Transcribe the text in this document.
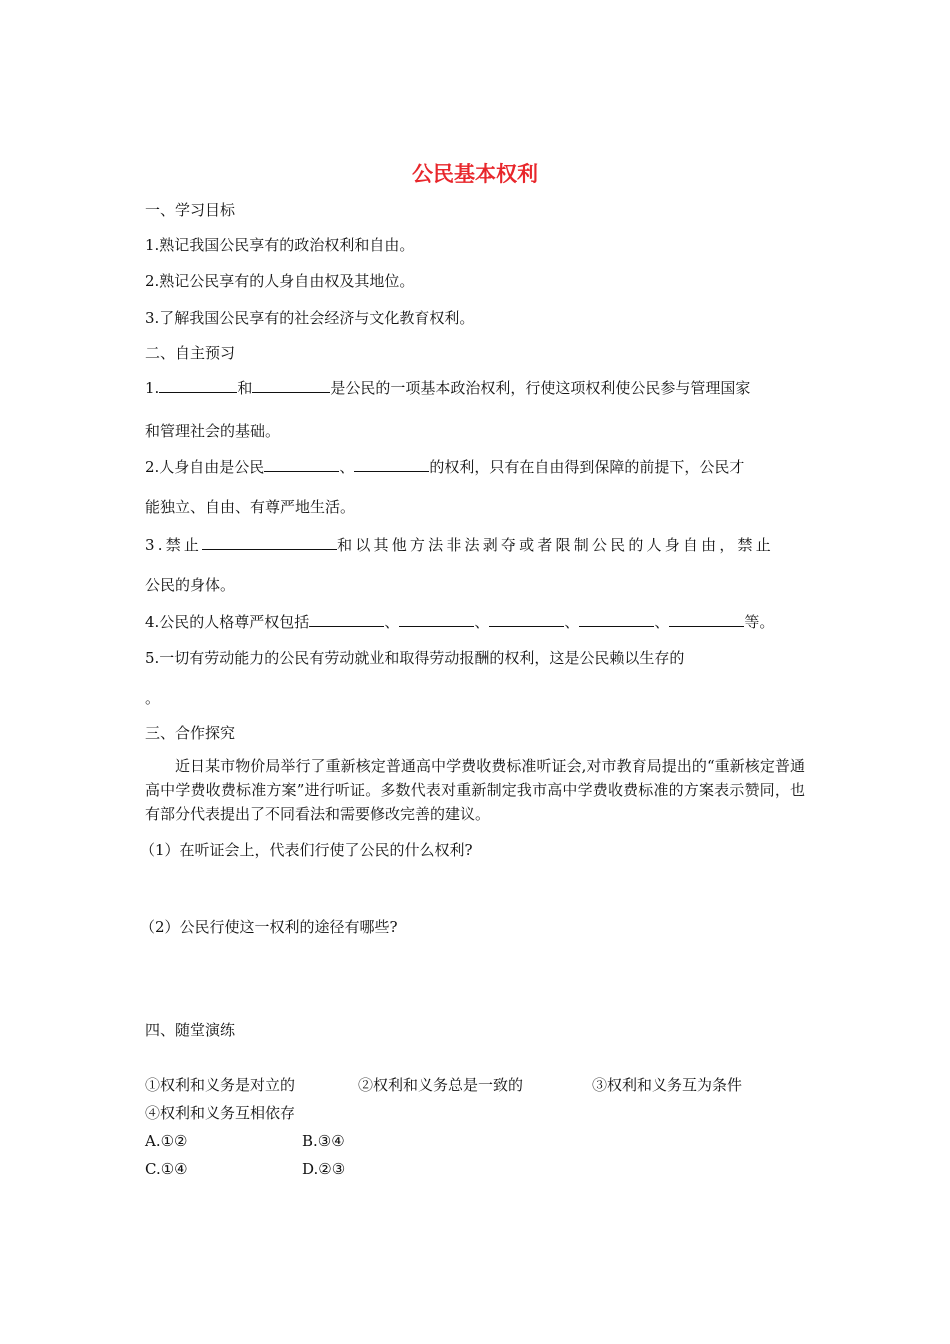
公民基本权利
一、学习目标
1.熟记我国公民享有的政治权利和自由。
2.熟记公民享有的人身自由权及其地位。
3.了解我国公民享有的社会经济与文化教育权利。
二、自主预习
1.	和	是公民的一项基本政治权利，行使这项权利使公民参与管理国家
和管理社会的基础。
2.人身自由是公民	、	的权利，只有在自由得到保障的前提下，公民才
能独立、自由、有尊严地生活。
3.禁止	和以其他方法非法剥夺或者限制公民的人身自由，禁止
公民的身体。
4.公民的人格尊严权包括	、	、	、	、	等。
5.一切有劳动能力的公民有劳动就业和取得劳动报酬的权利，这是公民赖以生存的
。
三、合作探究
近日某市物价局举行了重新核定普通高中学费收费标准听证会,对市教育局提出的“重新核定普通高中学费收费标准方案”进行听证。多数代表对重新制定我市高中学费收费标准的方案表示赞同，也有部分代表提出了不同看法和需要修改完善的建议。
（1）在听证会上，代表们行使了公民的什么权利?
（2）公民行使这一权利的途径有哪些?
四、随堂演练
①权利和义务是对立的	②权利和义务总是一致的	③权利和义务互为条件
④权利和义务互相依存
A.①②	B.③④
C.①④	D.②③
